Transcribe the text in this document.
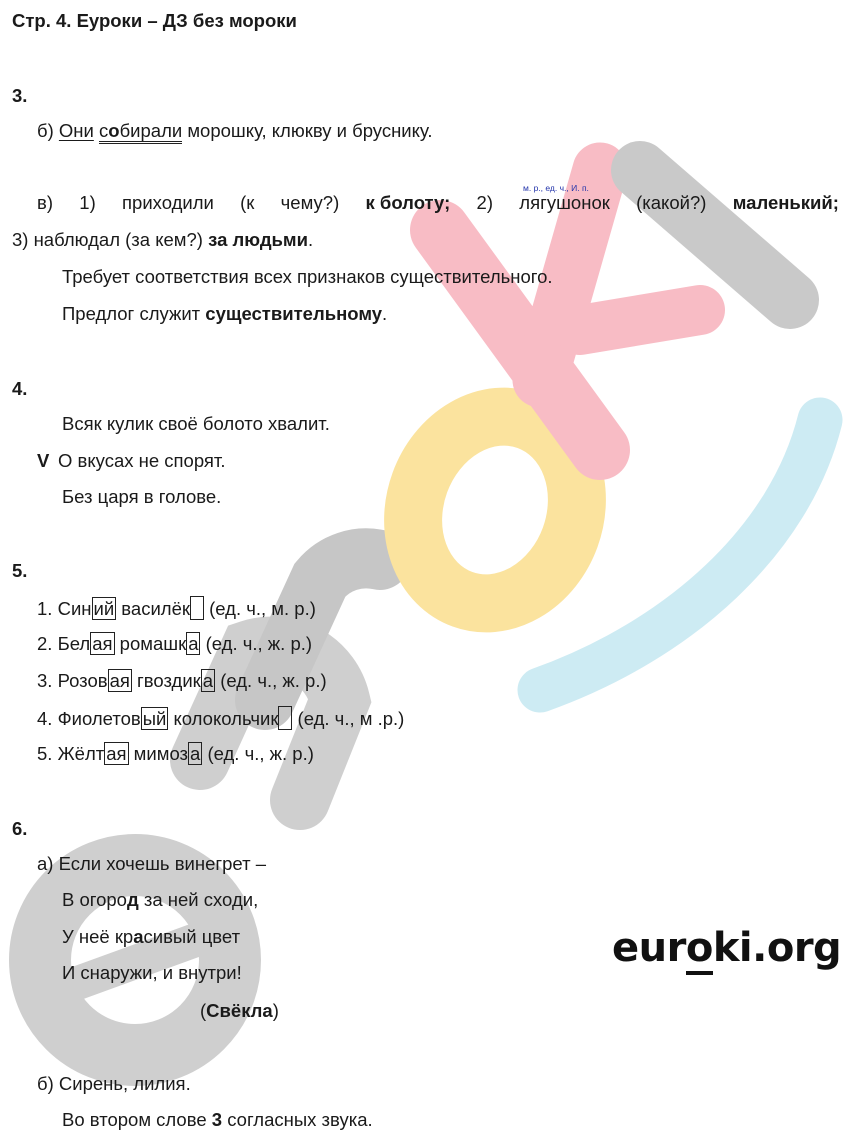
Стр. 4. Еуроки – ДЗ без мороки
3.
б) Они собирали морошку, клюкву и бруснику.
м. р., ед. ч., И. п.
в) 1) приходили (к чему?) к болоту; 2) лягушонок (какой?) маленький;
3) наблюдал (за кем?) за людьми.
Требует соответствия всех признаков существительного.
Предлог служит существительному.
4.
Всяк кулик своё болото хвалит.
V О вкусах не спорят.
Без царя в голове.
5.
1. Син ий василёк (ед. ч., м. р.)
2. Бел ая ромашк а (ед. ч., ж. р.)
3. Розов ая гвоздик а (ед. ч., ж. р.)
4. Фиолетов ый колокольчик (ед. ч., м .р.)
5. Жёлт ая мимоз а (ед. ч., ж. р.)
6.
а) Если хочешь винегрет –
В огород за ней сходи,
У неё красивый цвет
И снаружи, и внутри!
(Свёкла)
б) Сирень, лилия.
Во втором слове 3 согласных звука.
euroki.org
